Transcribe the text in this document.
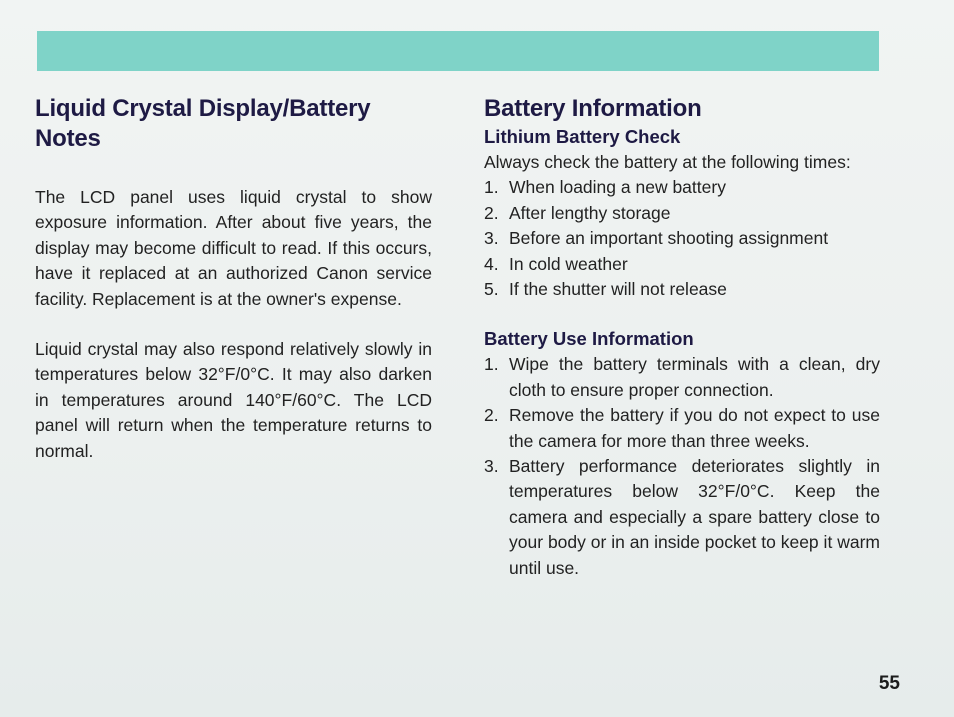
Liquid Crystal Display/Battery Notes

The LCD panel uses liquid crystal to show exposure information. After about five years, the display may become difficult to read. If this occurs, have it replaced at an authorized Canon service facility. Replacement is at the owner's expense.

Liquid crystal may also respond relatively slowly in temperatures below 32°F/0°C. It may also darken in temperatures around 140°F/60°C. The LCD panel will return when the temperature returns to normal.

Battery Information
Lithium Battery Check

Always check the battery at the following times:

1. When loading a new battery
2. After lengthy storage
3. Before an important shooting assignment
4. In cold weather
5. If the shutter will not release
Battery Use Information
1. Wipe the battery terminals with a clean, dry cloth to ensure proper connection.
2. Remove the battery if you do not expect to use the camera for more than three weeks.
3. Battery performance deteriorates slightly in temperatures below 32°F/0°C. Keep the camera and especially a spare battery close to your body or in an inside pocket to keep it warm until use.
55
